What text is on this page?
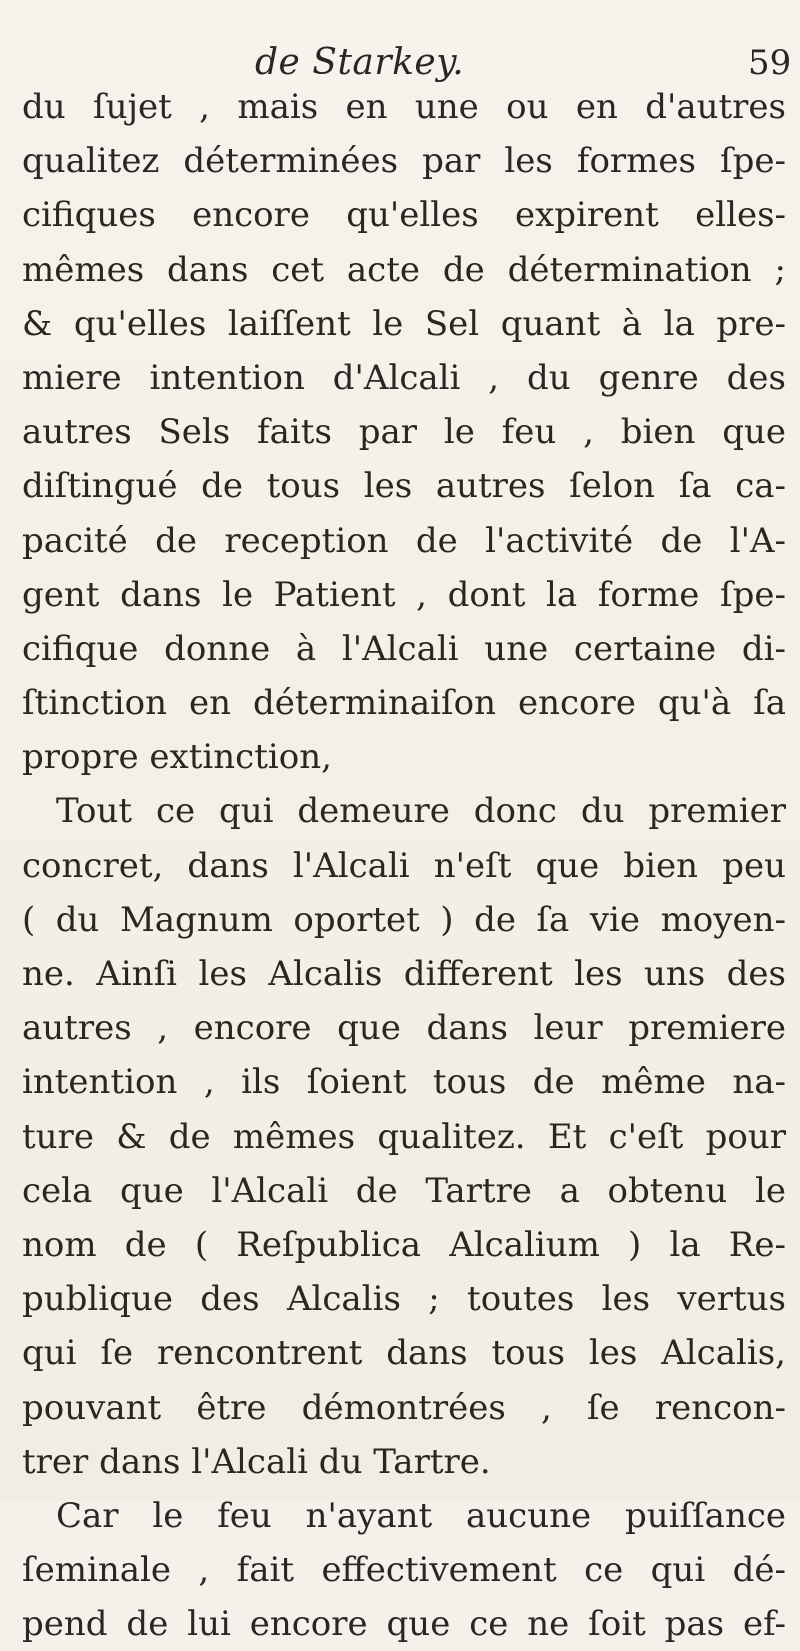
de Starkey.	59
du ſujet , mais en une ou en d'autres
qualitez déterminées par les formes ſpe-
cifiques encore qu'elles expirent elles-
mêmes dans cet acte de détermination ;
& qu'elles laiſſent le Sel quant à la pre-
miere intention d'Alcali , du genre des
autres Sels faits par le feu , bien que
diſtingué de tous les autres ſelon ſa ca-
pacité de reception de l'activité de l'A-
gent dans le Patient , dont la forme ſpe-
cifique donne à l'Alcali une certaine di-
ſtinction en déterminaiſon encore qu'à ſa
propre extinction,
Tout ce qui demeure donc du premier
concret, dans l'Alcali n'eſt que bien peu
( du Magnum oportet ) de ſa vie moyen-
ne. Ainſi les Alcalis different les uns des
autres , encore que dans leur premiere
intention , ils ſoient tous de même na-
ture & de mêmes qualitez. Et c'eſt pour
cela que l'Alcali de Tartre a obtenu le
nom de ( Reſpublica Alcalium ) la Re-
publique des Alcalis ; toutes les vertus
qui ſe rencontrent dans tous les Alcalis,
pouvant être démontrées , ſe rencon-
trer dans l'Alcali du Tartre.
Car le feu n'ayant aucune puiſſance
ſeminale , fait effectivement ce qui dé-
pend de lui encore que ce ne ſoit pas ef-
